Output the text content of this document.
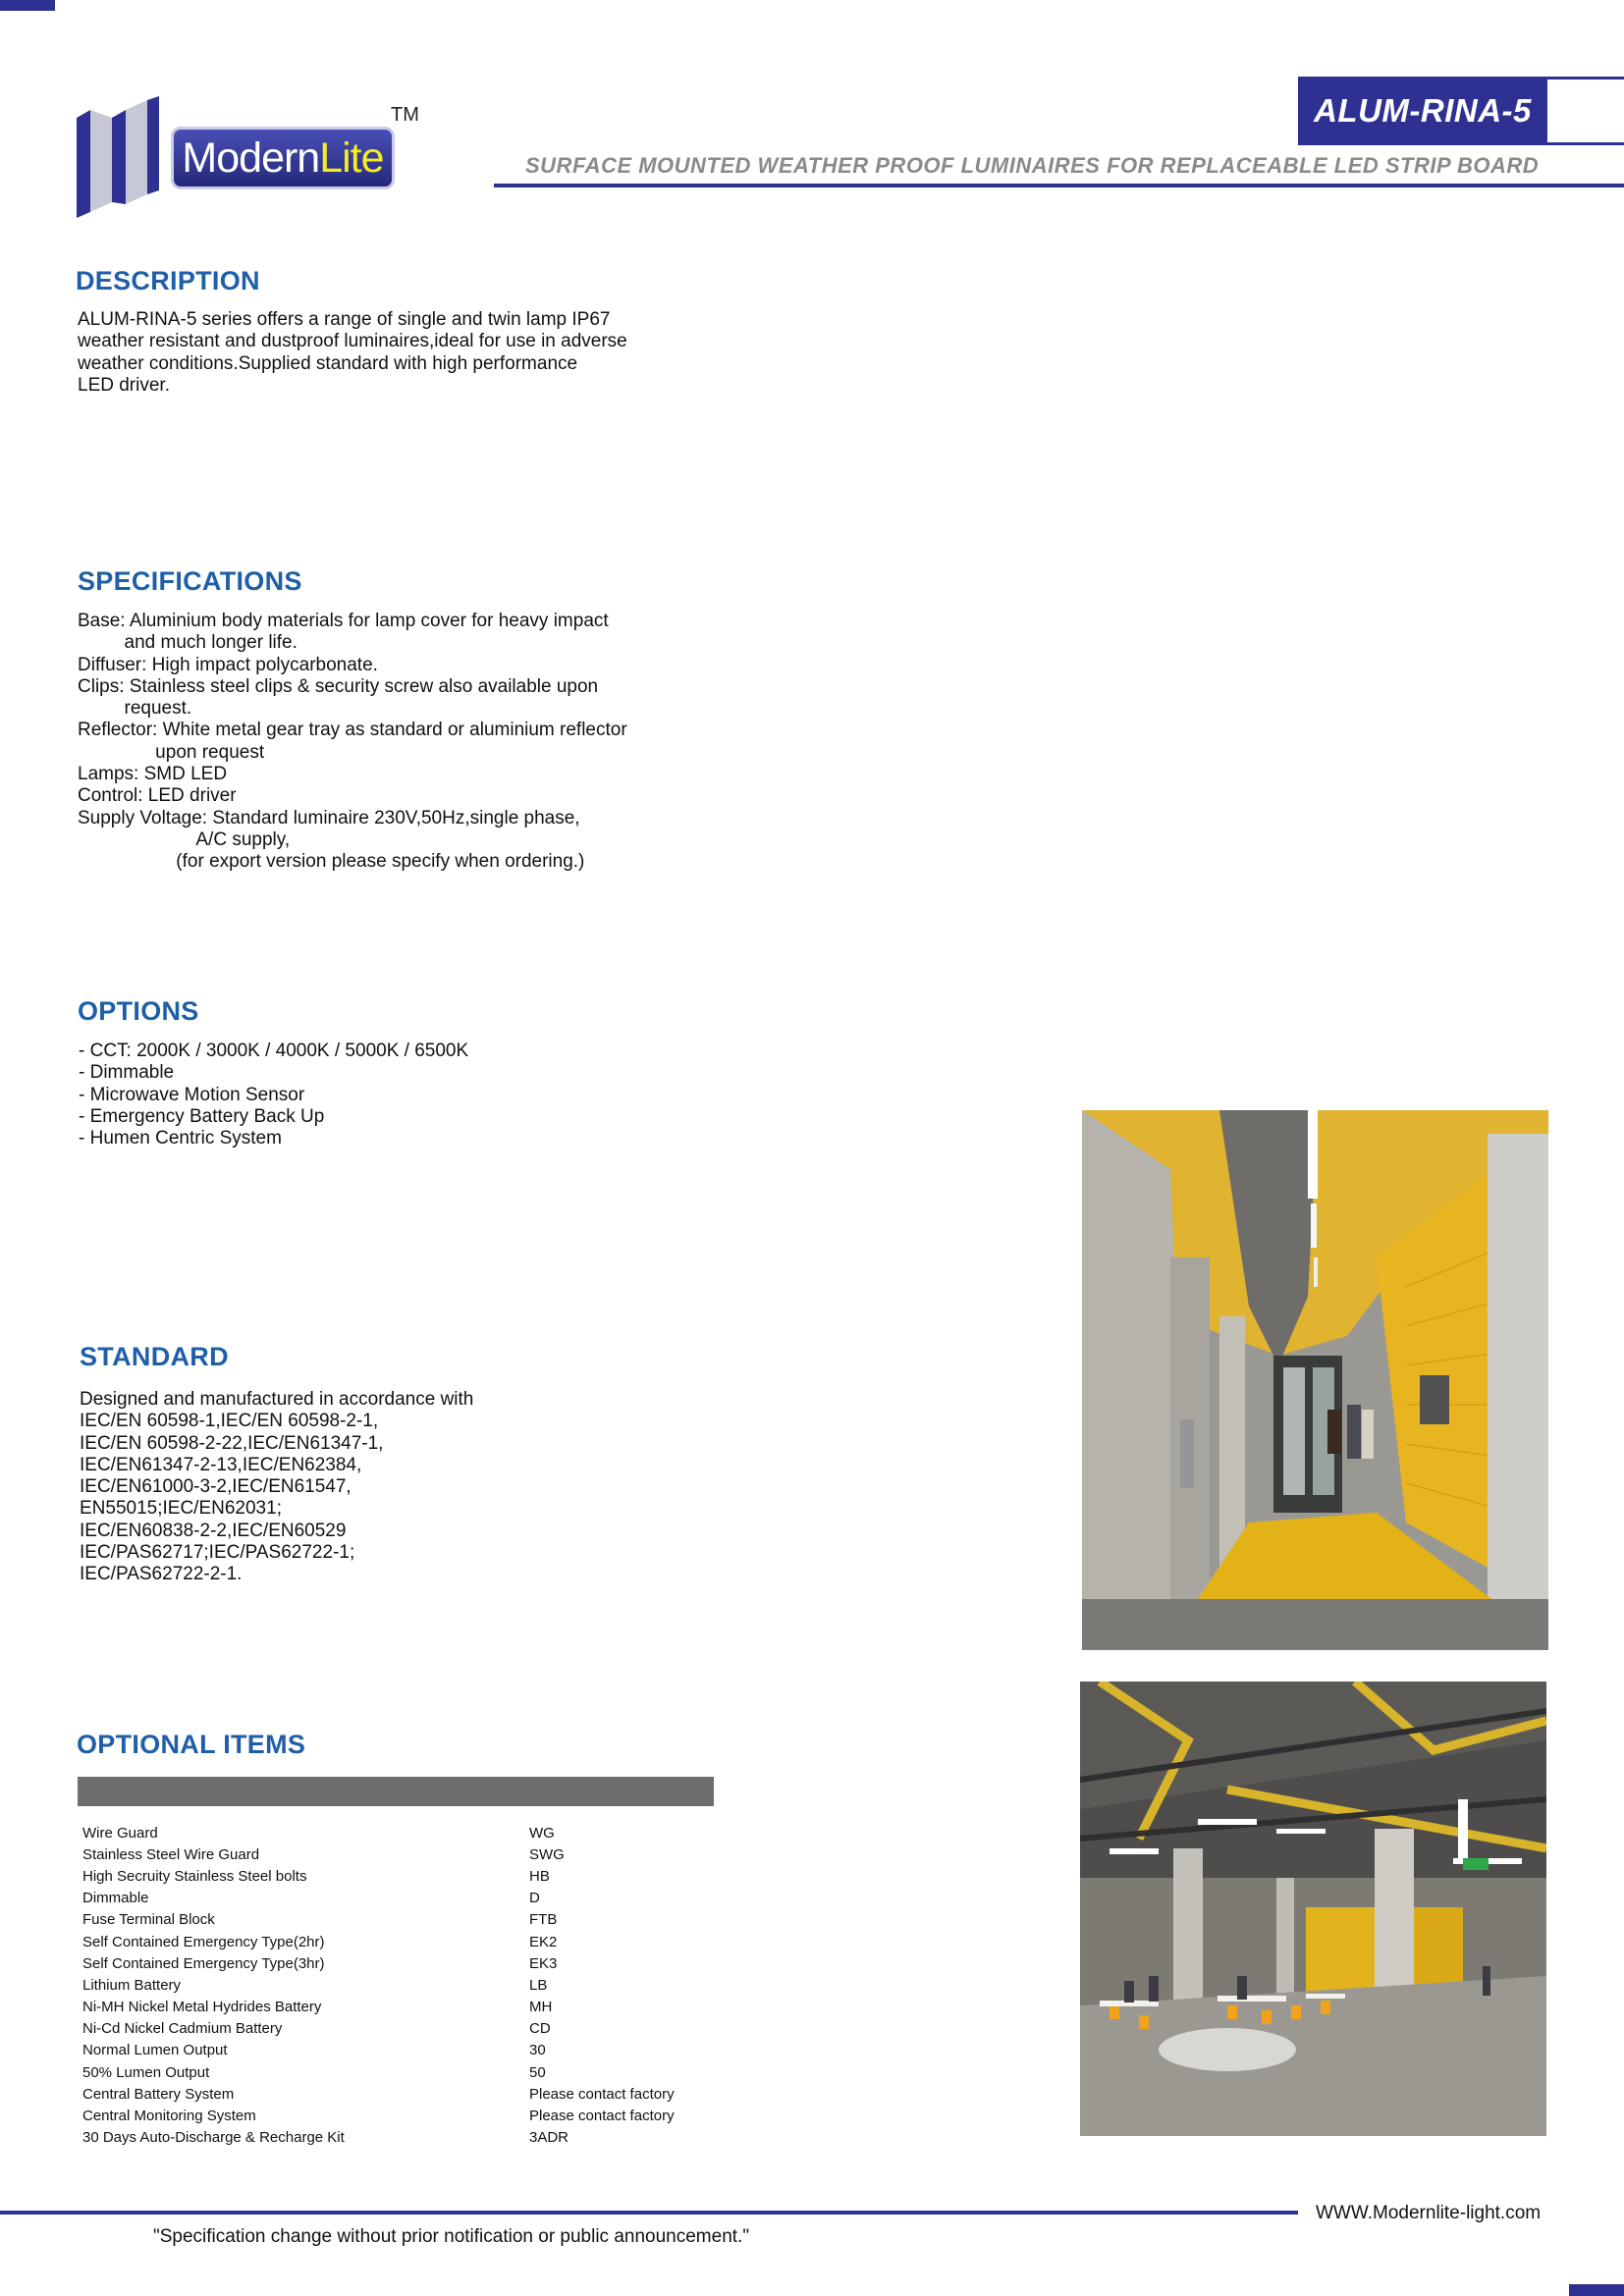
Modern Lite
TM	ALUM-RINA-5
SURFACE MOUNTED WEATHER PROOF LUMINAIRES FOR REPLACEABLE LED STRIP BOARD
DESCRIPTION
ALUM-RINA-5 series offers a range of single and twin lamp IP67
weather resistant and dustproof luminaires,ideal for use in adverse
weather conditions.Supplied standard with high performance
LED driver.
SPECIFICATIONS
Base: Aluminium body materials for lamp cover for heavy impact
and much longer life.
Diffuser: High impact polycarbonate.
Clips: Stainless steel clips & security screw also available upon
request.
Reflector: White metal gear tray as standard or aluminium reflector
upon request
Lamps: SMD LED
Control: LED driver
Supply Voltage: Standard luminaire 230V,50Hz,single phase,
A/C supply,
(for export version please specify when ordering.)
OPTIONS
- CCT: 2000K / 3000K / 4000K / 5000K / 6500K
- Dimmable
- Microwave Motion Sensor
- Emergency Battery Back Up
- Humen Centric System
STANDARD
Designed and manufactured in accordance with
IEC/EN 60598-1,IEC/EN 60598-2-1,
IEC/EN 60598-2-22,IEC/EN61347-1,
IEC/EN61347-2-13,IEC/EN62384,
IEC/EN61000-3-2,IEC/EN61547,
EN55015;IEC/EN62031;
IEC/EN60838-2-2,IEC/EN60529
IEC/PAS62717;IEC/PAS62722-1;
IEC/PAS62722-2-1.
OPTIONAL ITEMS
Wire Guard	WG
Stainless Steel Wire Guard	SWG
High Secruity Stainless Steel bolts	HB
Dimmable	D
Fuse Terminal Block	FTB
Self Contained Emergency Type(2hr)	EK2
Self Contained Emergency Type(3hr)	EK3
Lithium Battery	LB
Ni-MH Nickel Metal Hydrides Battery	MH
Ni-Cd Nickel Cadmium Battery	CD
Normal Lumen Output	30
50% Lumen Output	50
Central Battery System	Please contact factory
Central Monitoring System	Please contact factory
30 Days Auto-Discharge & Recharge Kit	3ADR
WWW.Modernlite-light.com
"Specification change without prior notification or public announcement."
